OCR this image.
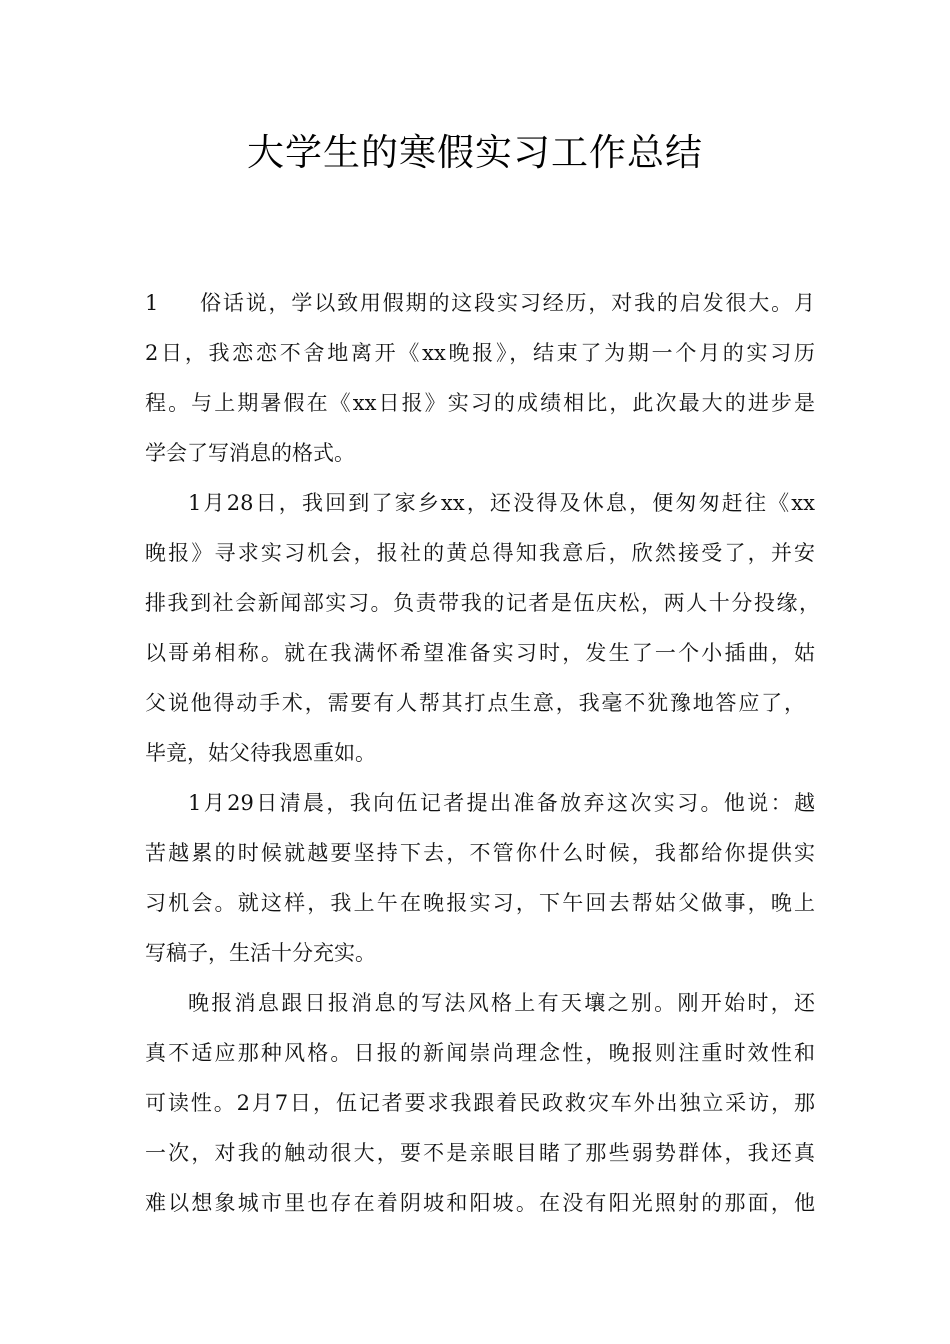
大学生的寒假实习工作总结
1 俗话说，学以致用假期的这段实习经历，对我的启发很大。月
2日，我恋恋不舍地离开《xx晚报》，结束了为期一个月的实习历
程。与上期暑假在《xx日报》实习的成绩相比，此次最大的进步是
学会了写消息的格式。
1月28日，我回到了家乡xx，还没得及休息，便匆匆赶往《xx
晚报》寻求实习机会，报社的黄总得知我意后，欣然接受了，并安
排我到社会新闻部实习。负责带我的记者是伍庆松，两人十分投缘，
以哥弟相称。就在我满怀希望准备实习时，发生了一个小插曲，姑
父说他得动手术，需要有人帮其打点生意，我毫不犹豫地答应了，
毕竟，姑父待我恩重如。
1月29日清晨，我向伍记者提出准备放弃这次实习。他说：越
苦越累的时候就越要坚持下去，不管你什么时候，我都给你提供实
习机会。就这样，我上午在晚报实习，下午回去帮姑父做事，晚上
写稿子，生活十分充实。
晚报消息跟日报消息的写法风格上有天壤之别。刚开始时，还
真不适应那种风格。日报的新闻崇尚理念性，晚报则注重时效性和
可读性。2月7日，伍记者要求我跟着民政救灾车外出独立采访，那
一次，对我的触动很大，要不是亲眼目睹了那些弱势群体，我还真
难以想象城市里也存在着阴坡和阳坡。在没有阳光照射的那面，他
